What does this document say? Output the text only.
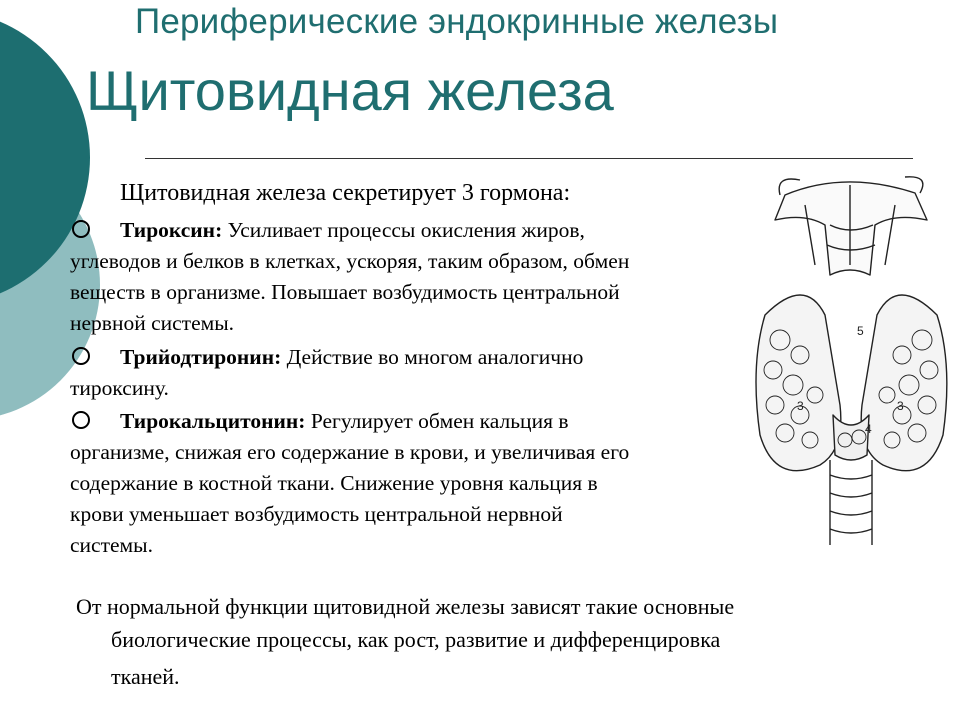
Периферические эндокринные железы
Щитовидная железа
Щитовидная железа секретирует 3 гормона:
Тироксин: Усиливает процессы окисления жиров,
углеводов и белков в клетках, ускоряя, таким образом, обмен
веществ в организме. Повышает возбудимость центральной
нервной системы.
Трийодтиронин: Действие во многом аналогично
тироксину.
Тирокальцитонин: Регулирует обмен кальция в
организме, снижая его содержание в крови, и увеличивая его
содержание в костной ткани. Снижение уровня кальция в
крови уменьшает возбудимость центральной нервной
системы.
От нормальной функции щитовидной железы зависят такие основные
биологические процессы, как рост, развитие и дифференцировка
тканей.
5
3	3
4
